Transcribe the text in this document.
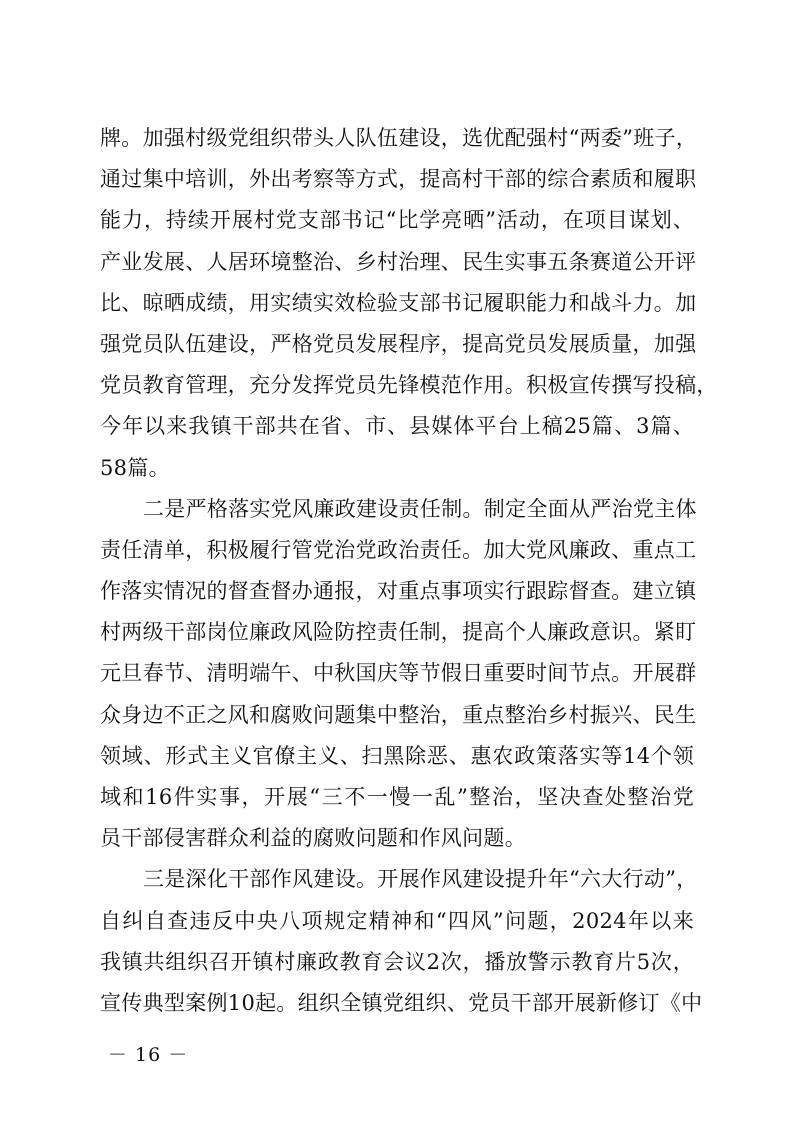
牌。加强村级党组织带头人队伍建设，选优配强村“两委”班子，
通过集中培训，外出考察等方式，提高村干部的综合素质和履职
能力，持续开展村党支部书记“比学亮晒”活动，在项目谋划、
产业发展、人居环境整治、乡村治理、民生实事五条赛道公开评
比、晾晒成绩，用实绩实效检验支部书记履职能力和战斗力。加
强党员队伍建设，严格党员发展程序，提高党员发展质量，加强
党员教育管理，充分发挥党员先锋模范作用。积极宣传撰写投稿，
今年以来我镇干部共在省、市、县媒体平台上稿25篇、3篇、
58篇。
二是严格落实党风廉政建设责任制。制定全面从严治党主体
责任清单，积极履行管党治党政治责任。加大党风廉政、重点工
作落实情况的督查督办通报，对重点事项实行跟踪督查。建立镇
村两级干部岗位廉政风险防控责任制，提高个人廉政意识。紧盯
元旦春节、清明端午、中秋国庆等节假日重要时间节点。开展群
众身边不正之风和腐败问题集中整治，重点整治乡村振兴、民生
领域、形式主义官僚主义、扫黑除恶、惠农政策落实等14个领
域和16件实事，开展“三不一慢一乱”整治，坚决查处整治党
员干部侵害群众利益的腐败问题和作风问题。
三是深化干部作风建设。开展作风建设提升年“六大行动”，
自纠自查违反中央八项规定精神和“四风”问题，2024年以来
我镇共组织召开镇村廉政教育会议2次，播放警示教育片5次，
宣传典型案例10起。组织全镇党组织、党员干部开展新修订《中
－ 16 －
